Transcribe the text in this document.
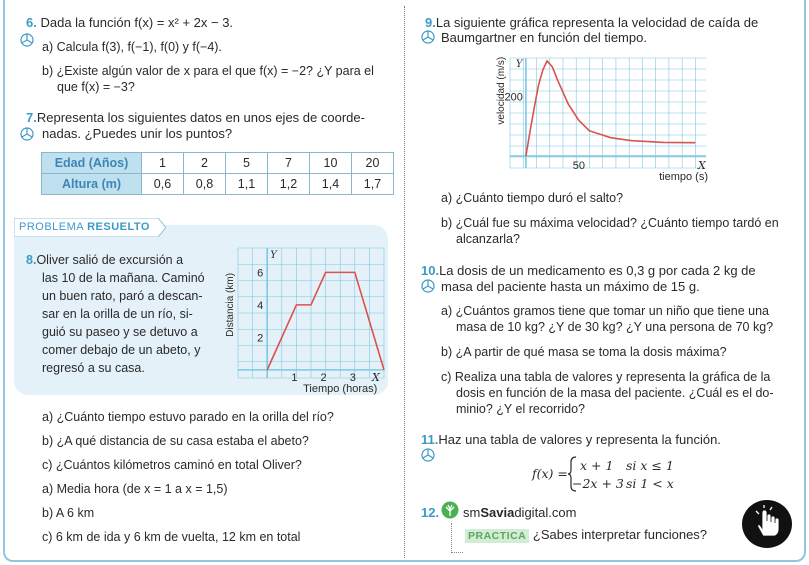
6. Dada la función f(x) = x² + 2x − 3.
a) Calcula f(3), f(−1), f(0) y f(−4).
b) ¿Existe algún valor de x para el que f(x) = −2? ¿Y para el
que f(x) = −3?
7.Representa los siguientes datos en unos ejes de coorde-
nadas. ¿Puedes unir los puntos?
Edad (Años)	1	2	5	7	10	20
Altura (m)	0,6	0,8	1,1	1,2	1,4	1,7
PROBLEMA RESUELTO
8.Oliver salió de excursión a
las 10 de la mañana. Caminó
un buen rato, paró a descan-
sar en la orilla de un río, si-
guió su paseo y se detuvo a
comer debajo de un abeto, y
regresó a su casa.
1 2 3
2
4
6
Y
X
Tiempo (horas)
Distancia (km)
a) ¿Cuánto tiempo estuvo parado en la orilla del río?
b) ¿A qué distancia de su casa estaba el abeto?
c) ¿Cuántos kilómetros caminó en total Oliver?
a) Media hora (de x = 1 a x = 1,5)
b) A 6 km
c) 6 km de ida y 6 km de vuelta, 12 km en total
9.La siguiente gráfica representa la velocidad de caída de
Baumgartner en función del tiempo.
50
200
Y
X
tiempo (s)
velocidad (m/s)
a) ¿Cuánto tiempo duró el salto?
b) ¿Cuál fue su máxima velocidad? ¿Cuánto tiempo tardó en
alcanzarla?
10.La dosis de un medicamento es 0,3 g por cada 2 kg de
masa del paciente hasta un máximo de 15 g.
a) ¿Cuántos gramos tiene que tomar un niño que tiene una
masa de 10 kg? ¿Y de 30 kg? ¿Y una persona de 70 kg?
b) ¿A partir de qué masa se toma la dosis máxima?
c) Realiza una tabla de valores y representa la gráfica de la
dosis en función de la masa del paciente. ¿Cuál es el do-
minio? ¿Y el recorrido?
11.Haz una tabla de valores y representa la función.
f(x) =
x + 1 si x ≤ 1
−2x + 3 si 1 < x
12. smSaviadigital.com
PRACTICA ¿Sabes interpretar funciones?
